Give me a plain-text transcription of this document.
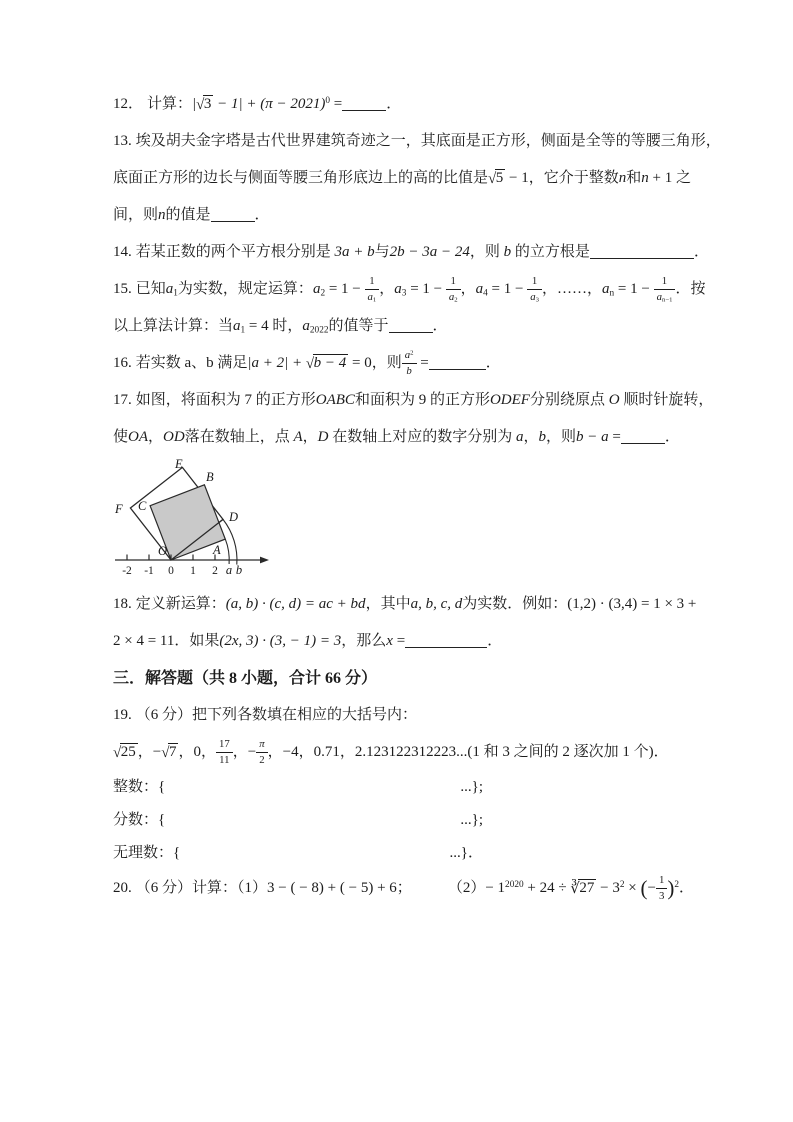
12． 计算：$|√3 - 1| + (\pi - 2021)^0$ =	．

13. 埃及胡夫金字塔是古代世界建筑奇迹之一，其底面是正方形，侧面是全等的等腰三角形，

底面正方形的边长与侧面等腰三角形底边上的高的比值是√5 − 1，它介于整数n和n + 1 之

间，则n的值是	．

14. 若某正数的两个平方根分别是 3a + b与2b − 3a − 24，则 b 的立方根是	．

15. 已知$a_1$为实数，规定运算：$a_2 = 1 - \frac{1}{a_1}$ ，$a_3 = 1 - \frac{1}{a_2}$ ，$a_4 = 1 - \frac{1}{a_3}$ ，……，$a_n = 1 - \frac{1}{a_{n-1}}$ ．按

以上算法计算：当$a_1 = 4$ 时，$a_{2022}$的值等于	．

16. 若实数 a、b 满足|a + 2| + √b − 4 = 0，则 $\frac{a^2}{b}$ =	．

17. 如图，将面积为 7 的正方形OABC和面积为 9 的正方形ODEF分别绕原点 O 顺时针旋转，

使OA，OD落在数轴上，点 A，D 在数轴上对应的数字分别为 a，b，则b − a =	．

-2 -1 0 1 2 a b
E
B
F C
D
O	A

18. 定义新运算：(a, b) · (c, d) = ac + bd，其中a, b, c, d为实数．例如：(1,2) · (3,4) = 1 × 3 +

2 × 4 = 11．如果(2x, 3) · (3, − 1) = 3，那么x =	．

三．解答题（共 8 小题，合计 66 分）

19. （6 分）把下列各数填在相应的大括号内：

√25 ，−√7 ，0， $\frac{17}{11}$ ，− $\frac{\pi}{2}$ ，−4，0.71，2.123122312223...(1 和 3 之间的 2 逐次加 1 个)．

整数：{	...};
分数：{	...};
无理数：{	...}．

20. （6 分）计算：（1）3 − ( − 8) + ( − 5) + 6； $(2)- 1^{2020} + 24$ ÷ ∛27 − $3^2$ × (− $\frac{1}{3} )^2$．
